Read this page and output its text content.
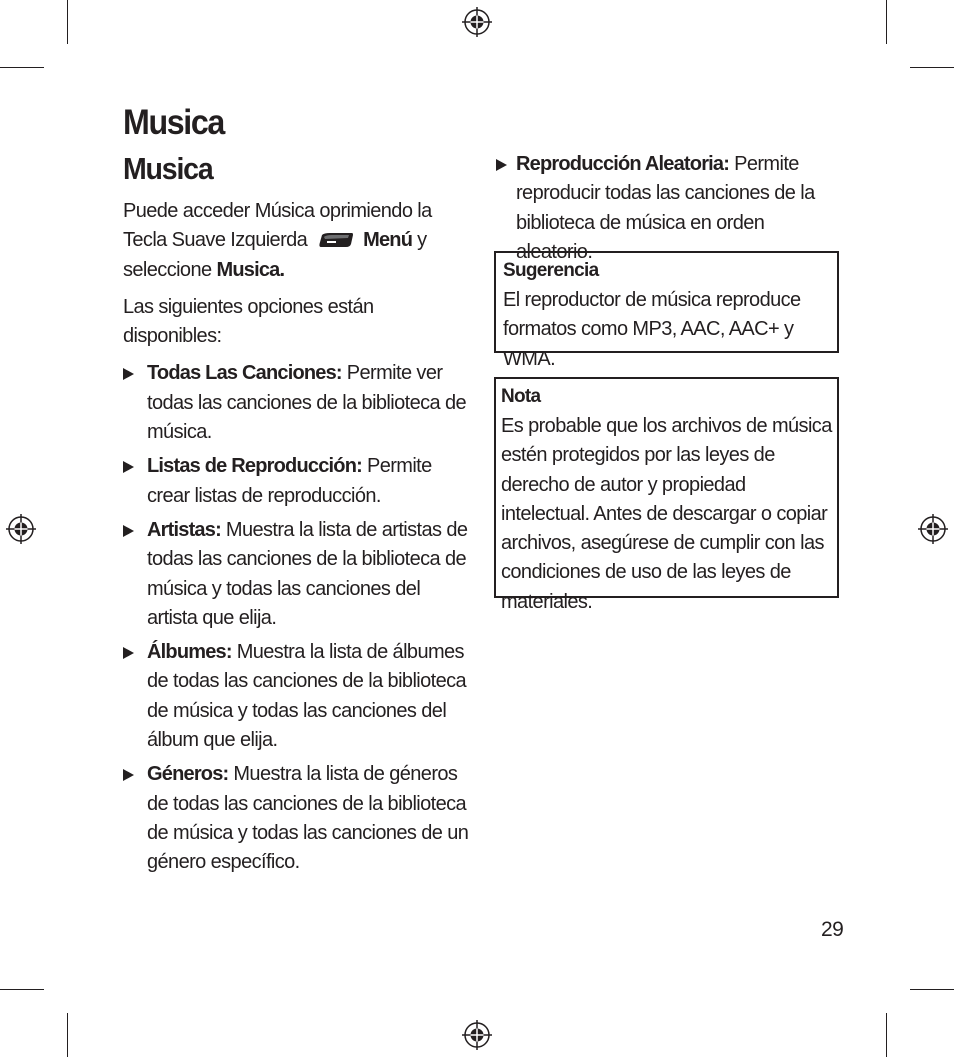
Musica
Musica

Puede acceder Música oprimiendo la Tecla Suave Izquierda	Menú y seleccione Musica.

Las siguientes opciones están disponibles:

Todas Las Canciones: Permite ver todas las canciones de la biblioteca de música.
Listas de Reproducción: Permite crear listas de reproducción.
Artistas: Muestra la lista de artistas de todas las canciones de la biblioteca de música y todas las canciones del artista que elija.
Álbumes: Muestra la lista de álbumes de todas las canciones de la biblioteca de música y todas las canciones del álbum que elija.
Géneros: Muestra la lista de géneros de todas las canciones de la biblioteca de música y todas las canciones de un género específico.
Reproducción Aleatoria: Permite reproducir todas las canciones de la biblioteca de música en orden aleatorio.
Sugerencia
El reproductor de música reproduce formatos como MP3, AAC, AAC+ y WMA.
Nota
Es probable que los archivos de música estén protegidos por las leyes de derecho de autor y propiedad intelectual. Antes de descargar o copiar archivos, asegúrese de cumplir con las condiciones de uso de las leyes de materiales.
29
